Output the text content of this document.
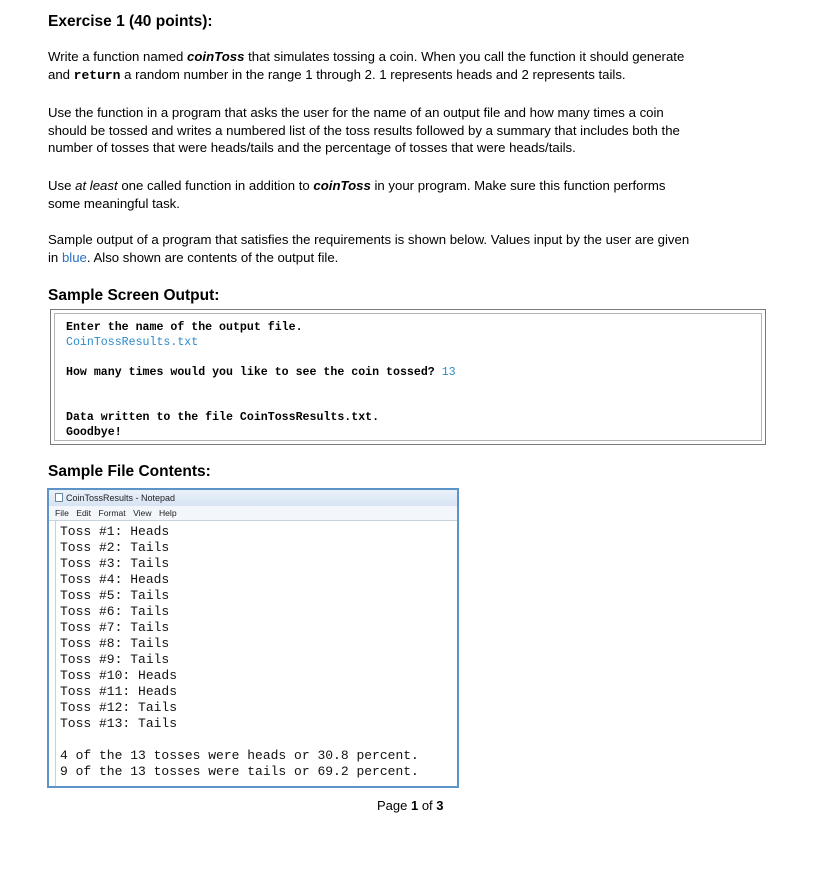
Exercise 1 (40 points):
Write a function named coinToss that simulates tossing a coin. When you call the function it should generate
and return a random number in the range 1 through 2. 1 represents heads and 2 represents tails.
Use the function in a program that asks the user for the name of an output file and how many times a coin
should be tossed and writes a numbered list of the toss results followed by a summary that includes both the
number of tosses that were heads/tails and the percentage of tosses that were heads/tails.
Use at least one called function in addition to coinToss in your program. Make sure this function performs
some meaningful task.
Sample output of a program that satisfies the requirements is shown below. Values input by the user are given
in blue. Also shown are contents of the output file.
Sample Screen Output:
Enter the name of the output file.
CoinTossResults.txt
How many times would you like to see the coin tossed? 13
Data written to the file CoinTossResults.txt.
Goodbye!
Sample File Contents:
CoinTossResults - Notepad
File Edit Format View Help
Toss #1: Heads
Toss #2: Tails
Toss #3: Tails
Toss #4: Heads
Toss #5: Tails
Toss #6: Tails
Toss #7: Tails
Toss #8: Tails
Toss #9: Tails
Toss #10: Heads
Toss #11: Heads
Toss #12: Tails
Toss #13: Tails
4 of the 13 tosses were heads or 30.8 percent.
9 of the 13 tosses were tails or 69.2 percent.
Page 1 of 3
